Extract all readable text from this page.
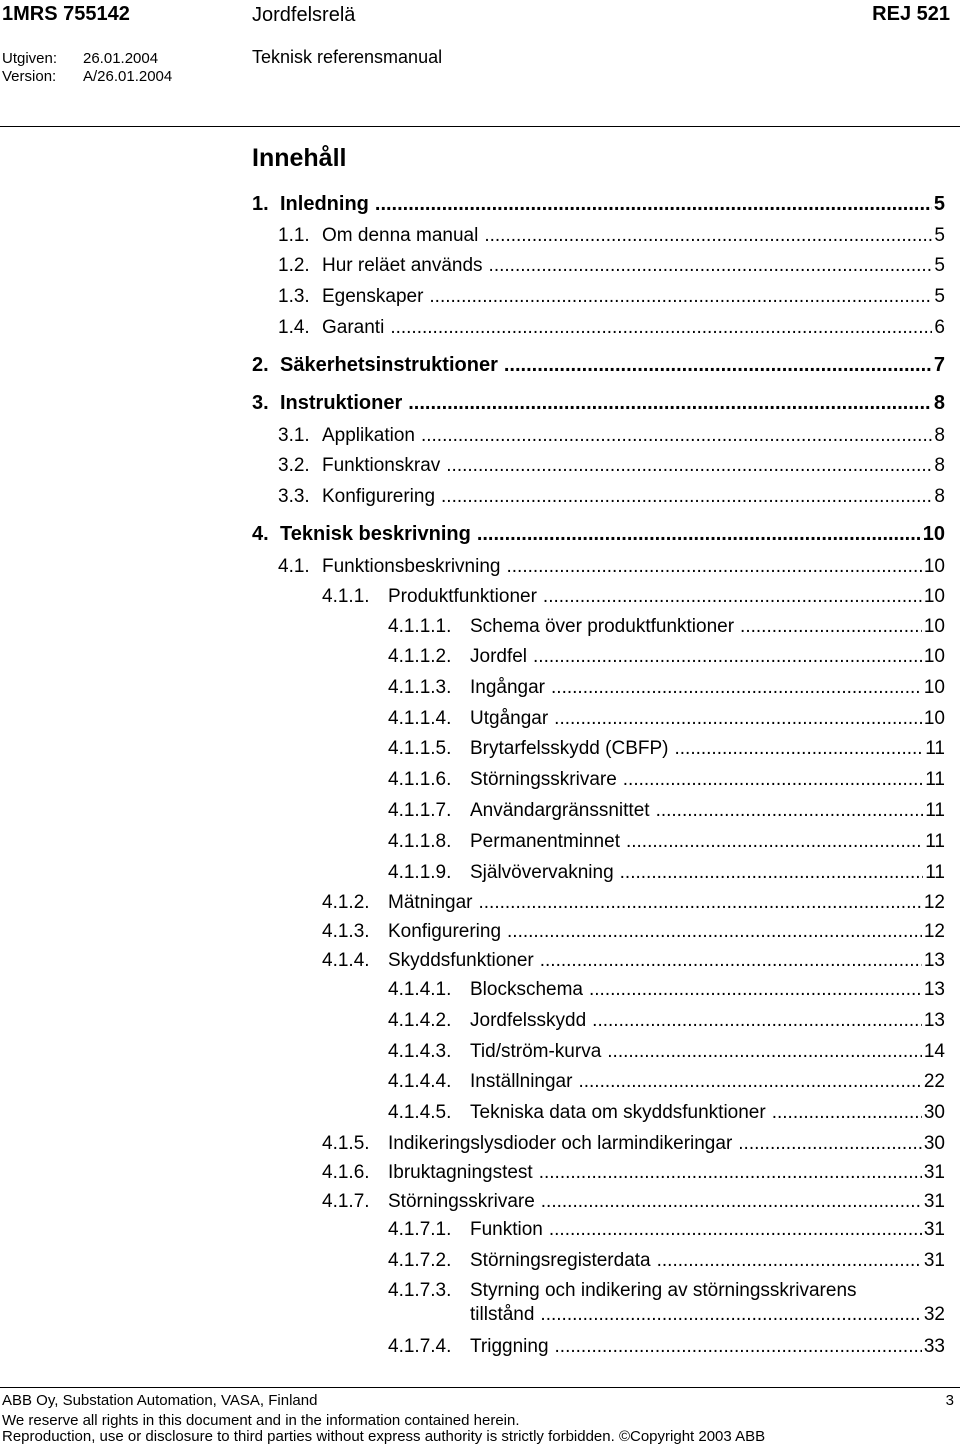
1MRS 755142	Jordfelsrelä	REJ 521
Utgiven: 26.01.2004
Version: A/26.01.2004
Teknisk referensmanual
Innehåll
1. Inledning .....	5
1.1. Om denna manual .....	5
1.2. Hur reläet används .....	5
1.3. Egenskaper .....	5
1.4. Garanti .....	6
2. Säkerhetsinstruktioner .....	7
3. Instruktioner .....	8
3.1. Applikation .....	8
3.2. Funktionskrav .....	8
3.3. Konfigurering .....	8
4. Teknisk beskrivning .....	10
4.1. Funktionsbeskrivning .....	10
4.1.1. Produktfunktioner .....	10
4.1.1.1. Schema över produktfunktioner .....	10
4.1.1.2. Jordfel .....	10
4.1.1.3. Ingångar .....	10
4.1.1.4. Utgångar .....	10
4.1.1.5. Brytarfelsskydd (CBFP) .....	11
4.1.1.6. Störningsskrivare .....	11
4.1.1.7. Användargränssnittet .....	11
4.1.1.8. Permanentminnet .....	11
4.1.1.9. Självövervakning .....	11
4.1.2. Mätningar .....	12
4.1.3. Konfigurering .....	12
4.1.4. Skyddsfunktioner .....	13
4.1.4.1. Blockschema .....	13
4.1.4.2. Jordfelsskydd .....	13
4.1.4.3. Tid/ström-kurva .....	14
4.1.4.4. Inställningar .....	22
4.1.4.5. Tekniska data om skyddsfunktioner .....	30
4.1.5. Indikeringslysdioder och larmindikeringar .....	30
4.1.6. Ibruktagningstest .....	31
4.1.7. Störningsskrivare .....	31
4.1.7.1. Funktion .....	31
4.1.7.2. Störningsregisterdata .....	31
4.1.7.3. Styrning och indikering av störningsskrivarens
tillstånd .....	32
4.1.7.4. Triggning .....	33
ABB Oy, Substation Automation, VASA, Finland	3
We reserve all rights in this document and in the information contained herein.
Reproduction, use or disclosure to third parties without express authority is strictly forbidden. ©Copyright 2003 ABB
